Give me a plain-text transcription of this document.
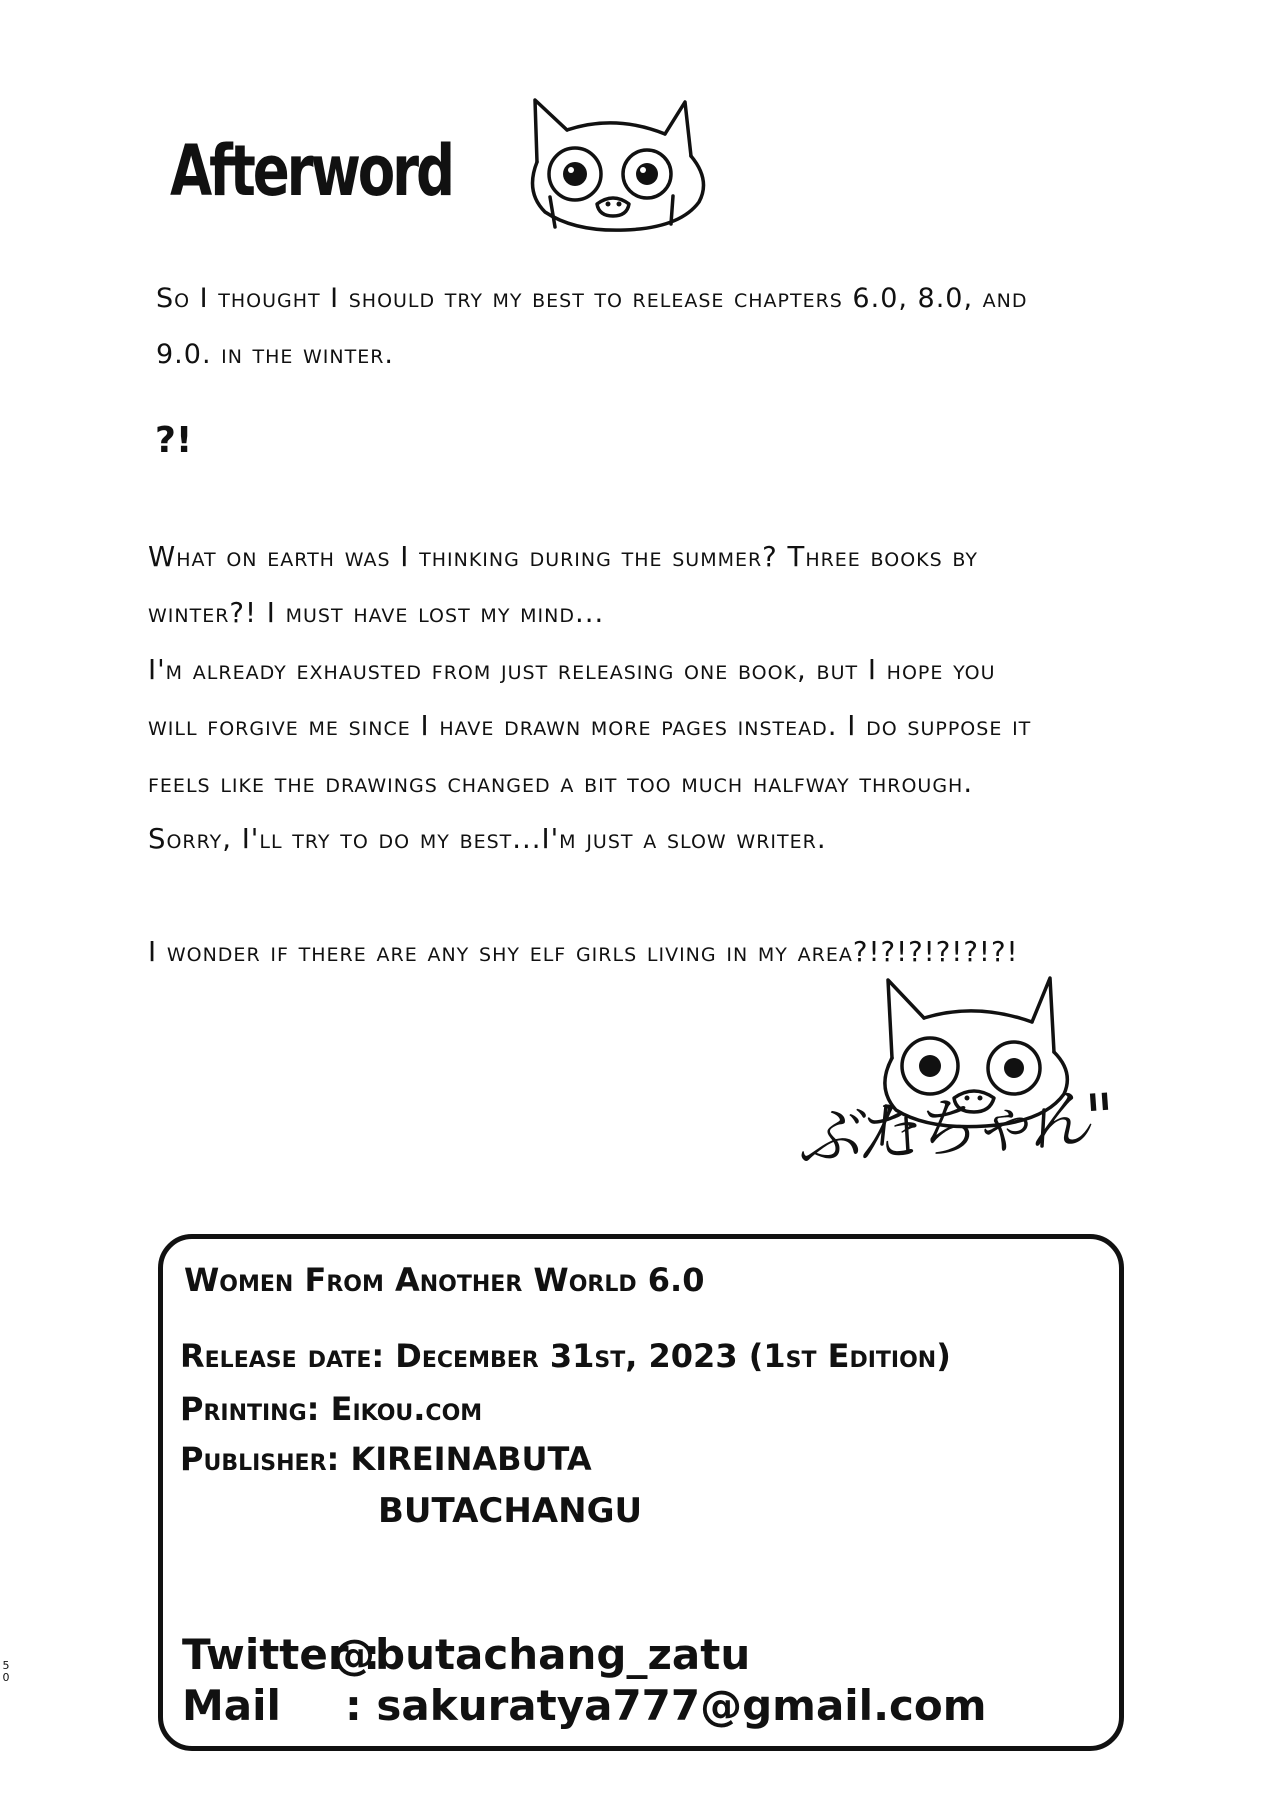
Afterword
So I thought I should try my best to release chapters 6.0, 8.0, and
9.0. in the winter.
?!
What on earth was I thinking during the summer? Three books by
winter?! I must have lost my mind...
I'm already exhausted from just releasing one book, but I hope you
will forgive me since I have drawn more pages instead. I do suppose it
feels like the drawings changed a bit too much halfway through.
Sorry, I'll try to do my best...I'm just a slow writer.
I wonder if there are any shy elf girls living in my area?!?!?!?!?!?!
ぶたちゃん"
Women From Another World 6.0
Release date: December 31st, 2023 (1st Edition)
Printing: Eikou.com
Publisher: KIREINABUTA
BUTACHANGU
Twitter :
@butachang_zatu
Mail : sakuratya777@gmail.com
50
